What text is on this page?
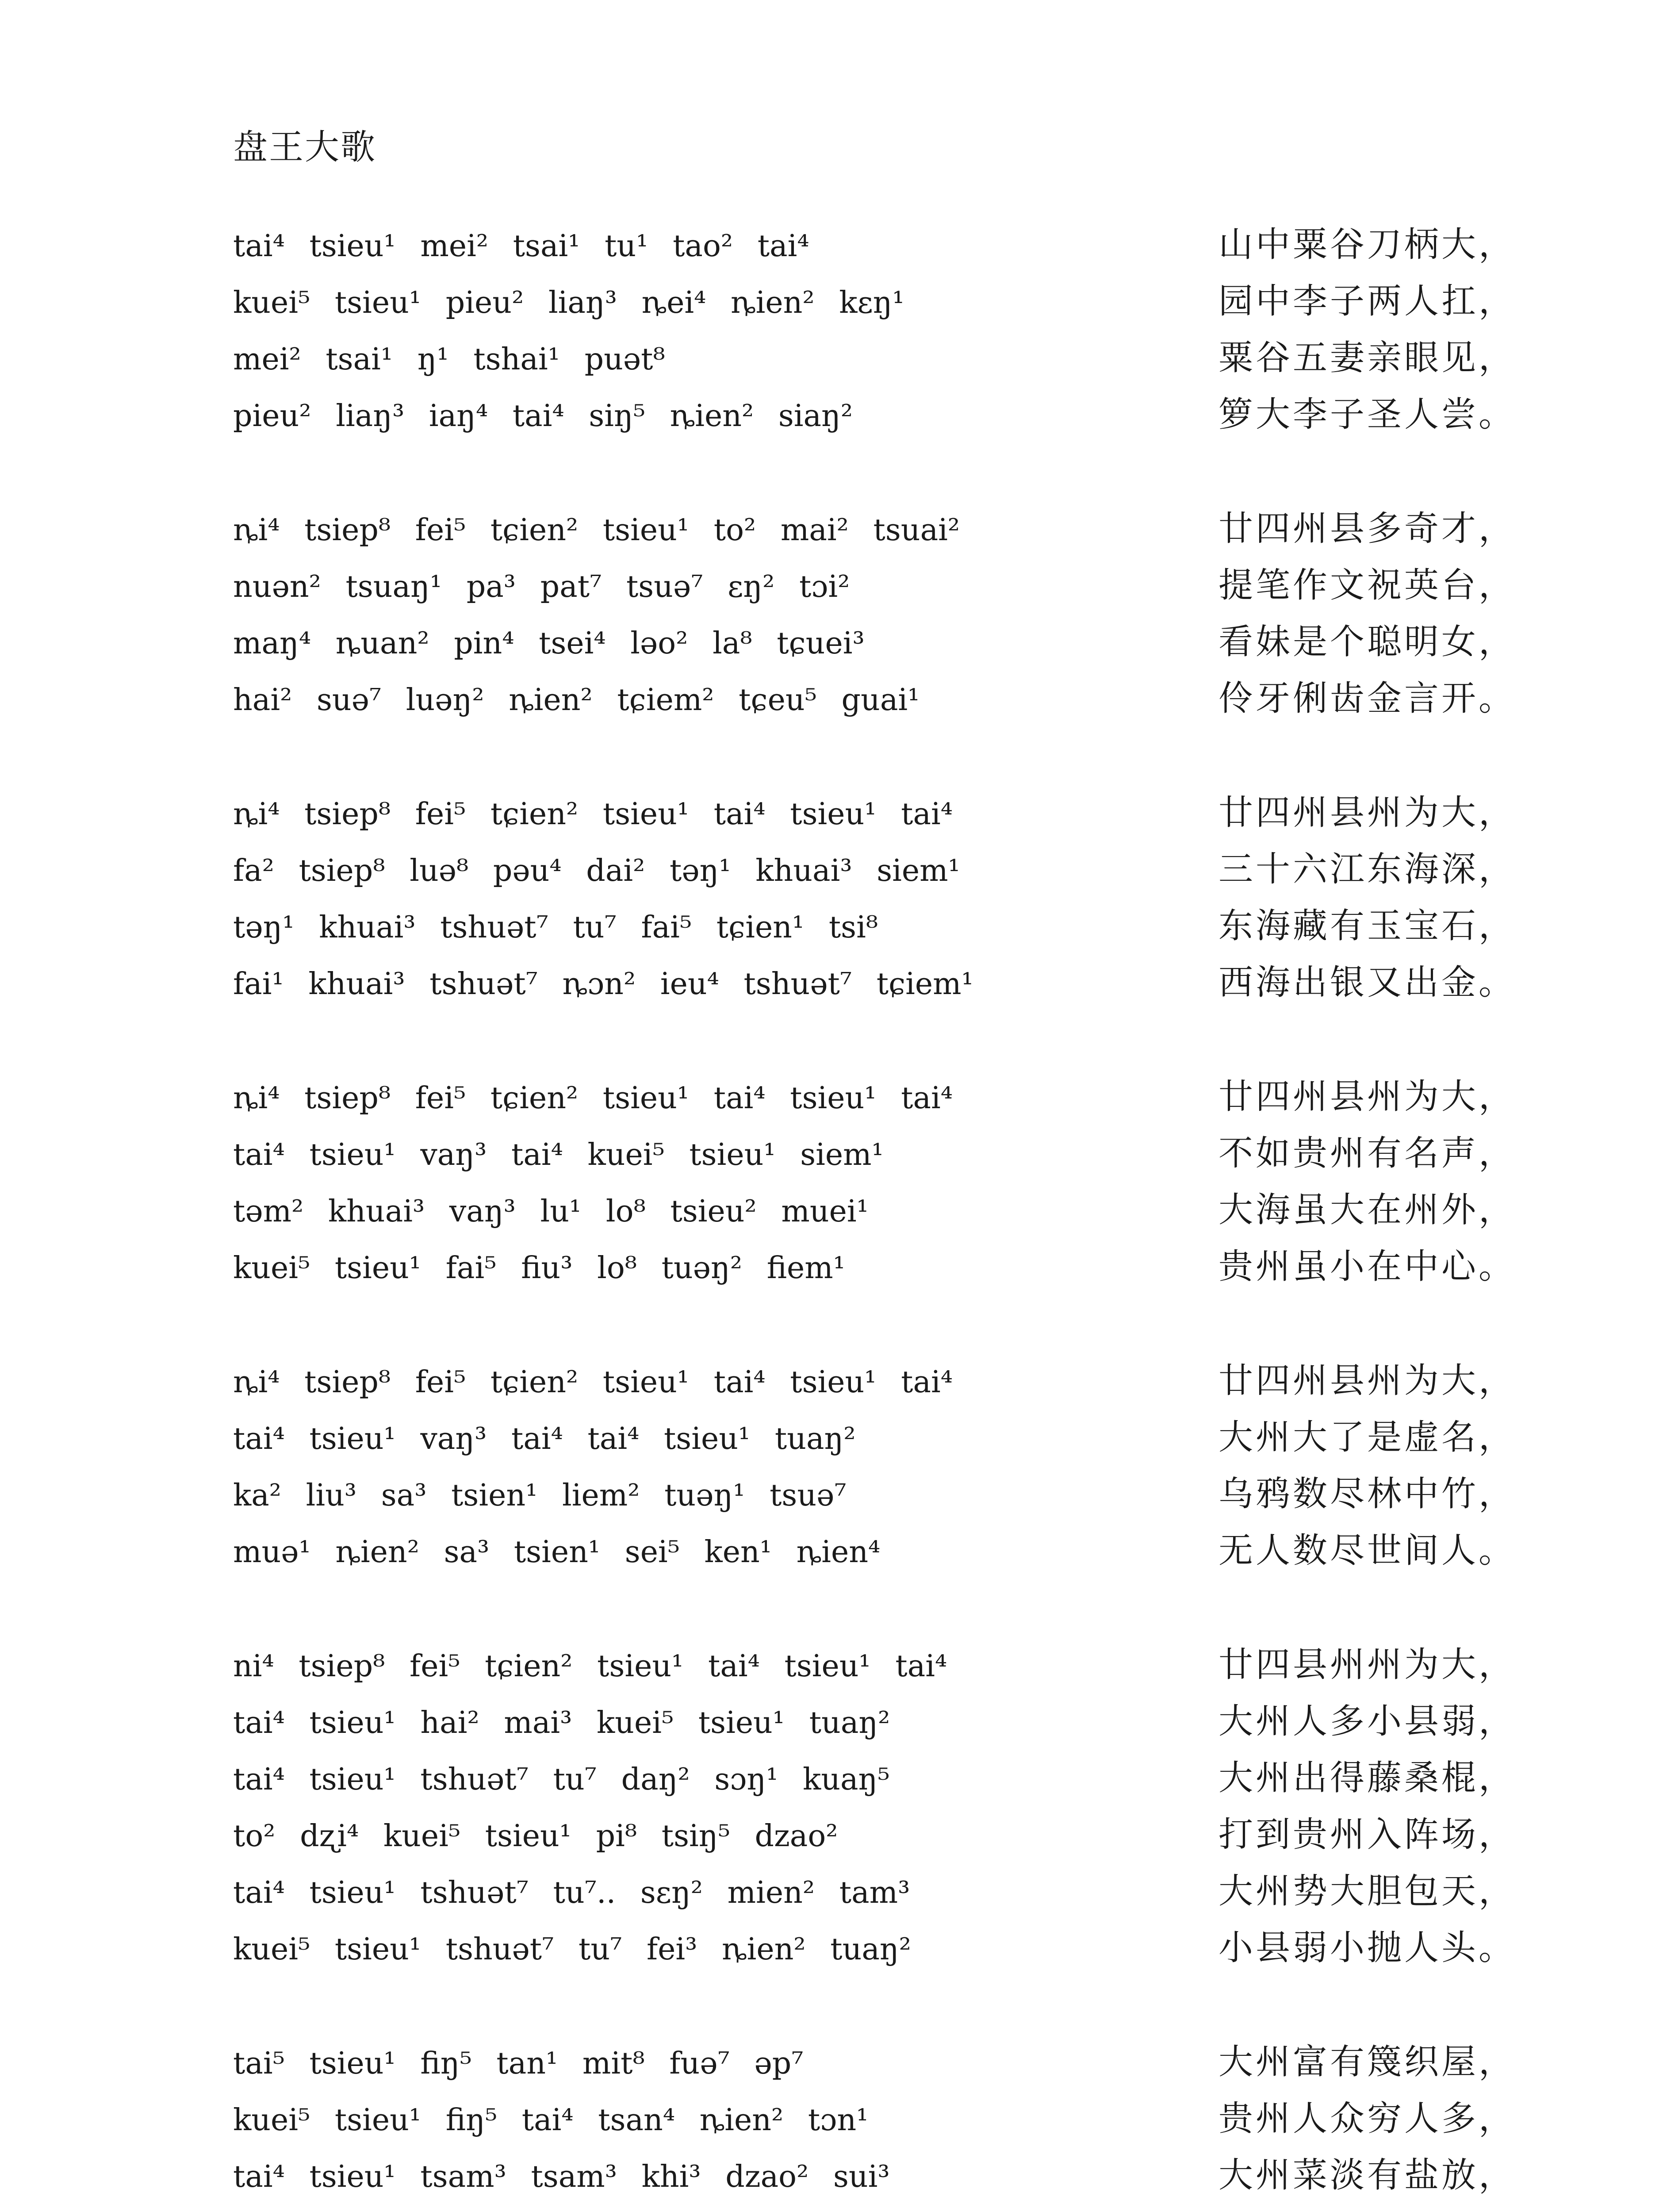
盘王大歌
tai⁴ tsieu¹ mei² tsai¹ tu¹ tao² tai⁴	山中粟谷刀柄大，
kuei⁵ tsieu¹ pieu² liaŋ³ ȵei⁴ ȵien² kɛŋ¹	园中李子两人扛，
mei² tsai¹ ŋ¹ tshai¹ puət⁸	粟谷五妻亲眼见，
pieu² liaŋ³ iaŋ⁴ tai⁴ siŋ⁵ ȵien² siaŋ²	箩大李子圣人尝。
ȵi⁴ tsiep⁸ fei⁵ tɕien² tsieu¹ to² mai² tsuai²	廿四州县多奇才，
nuən² tsuaŋ¹ pa³ pat⁷ tsuə⁷ ɛŋ² tɔi²	提笔作文祝英台，
maŋ⁴ ȵuan² pin⁴ tsei⁴ ləo² la⁸ tɕuei³	看妹是个聪明女，
hai² suə⁷ luəŋ² ȵien² tɕiem² tɕeu⁵ guai¹	伶牙俐齿金言开。
ȵi⁴ tsiep⁸ fei⁵ tɕien² tsieu¹ tai⁴ tsieu¹ tai⁴	廿四州县州为大，
fa² tsiep⁸ luə⁸ pəu⁴ dai² təŋ¹ khuai³ siem¹	三十六江东海深，
təŋ¹ khuai³ tshuət⁷ tu⁷ fai⁵ tɕien¹ tsi⁸	东海藏有玉宝石，
fai¹ khuai³ tshuət⁷ ȵɔn² ieu⁴ tshuət⁷ tɕiem¹	西海出银又出金。
ȵi⁴ tsiep⁸ fei⁵ tɕien² tsieu¹ tai⁴ tsieu¹ tai⁴	廿四州县州为大，
tai⁴ tsieu¹ vaŋ³ tai⁴ kuei⁵ tsieu¹ siem¹	不如贵州有名声，
təm² khuai³ vaŋ³ lu¹ lo⁸ tsieu² muei¹	大海虽大在州外，
kuei⁵ tsieu¹ fai⁵ fiu³ lo⁸ tuəŋ² fiem¹	贵州虽小在中心。
ȵi⁴ tsiep⁸ fei⁵ tɕien² tsieu¹ tai⁴ tsieu¹ tai⁴	廿四州县州为大，
tai⁴ tsieu¹ vaŋ³ tai⁴ tai⁴ tsieu¹ tuaŋ²	大州大了是虚名，
ka² liu³ sa³ tsien¹ liem² tuəŋ¹ tsuə⁷	乌鸦数尽林中竹，
muə¹ ȵien² sa³ tsien¹ sei⁵ ken¹ ȵien⁴	无人数尽世间人。
ni⁴ tsiep⁸ fei⁵ tɕien² tsieu¹ tai⁴ tsieu¹ tai⁴	廿四县州州为大，
tai⁴ tsieu¹ hai² mai³ kuei⁵ tsieu¹ tuaŋ²	大州人多小县弱，
tai⁴ tsieu¹ tshuət⁷ tu⁷ daŋ² sɔŋ¹ kuaŋ⁵	大州出得藤桑棍，
to² dʐi⁴ kuei⁵ tsieu¹ pi⁸ tsiŋ⁵ dzao²	打到贵州入阵场，
tai⁴ tsieu¹ tshuət⁷ tu⁷.. sɛŋ² mien² tam³	大州势大胆包天，
kuei⁵ tsieu¹ tshuət⁷ tu⁷ fei³ ȵien² tuaŋ²	小县弱小抛人头。
tai⁵ tsieu¹ fiŋ⁵ tan¹ mit⁸ fuə⁷ əp⁷	大州富有篾织屋，
kuei⁵ tsieu¹ fiŋ⁵ tai⁴ tsan⁴ ȵien² tɔn¹	贵州人众穷人多，
tai⁴ tsieu¹ tsam³ tsam³ khi³ dzao² sui³	大州菜淡有盐放，
